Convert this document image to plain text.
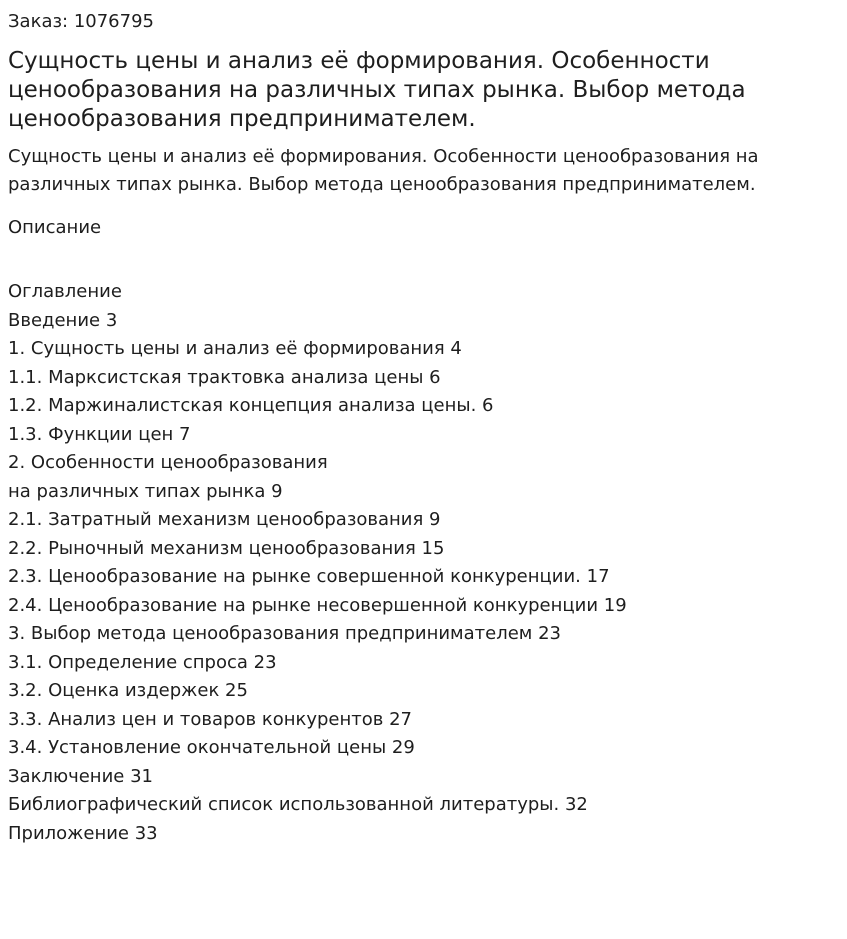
Заказ: 1076795

Сущность цены и анализ её формирования. Особенности ценообразования на различных типах рынка. Выбор метода ценообразования предпринимателем.

Сущность цены и анализ её формирования. Особенности ценообразования на различных типах рынка. Выбор метода ценообразования предпринимателем.

Описание

Оглавление
Введение 3
1. Сущность цены и анализ её формирования 4
1.1. Марксистская трактовка анализа цены 6
1.2. Маржиналистская концепция анализа цены. 6
1.3. Функции цен 7
2. Особенности ценообразования
на различных типах рынка 9
2.1. Затратный механизм ценообразования 9
2.2. Рыночный механизм ценообразования 15
2.3. Ценообразование на рынке совершенной конкуренции. 17
2.4. Ценообразование на рынке несовершенной конкуренции 19
3. Выбор метода ценообразования предпринимателем 23
3.1. Определение спроса 23
3.2. Оценка издержек 25
3.3. Анализ цен и товаров конкурентов 27
3.4. Установление окончательной цены 29
Заключение 31
Библиографический список использованной литературы. 32
Приложение 33
